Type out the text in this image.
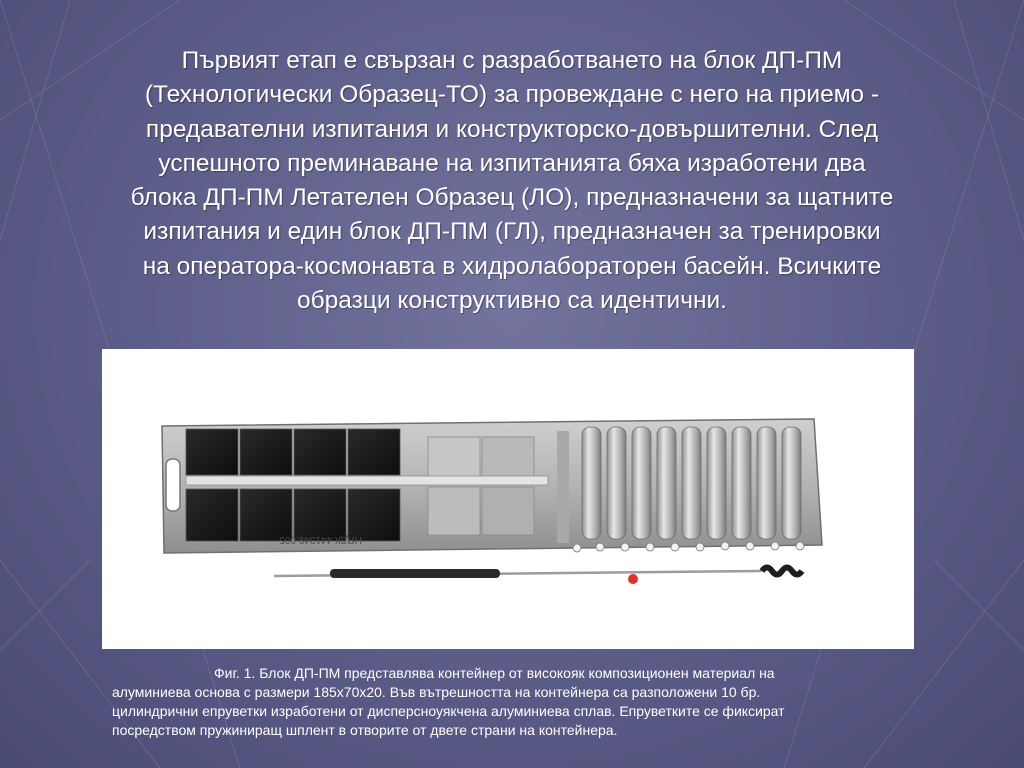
Първият етап е свързан с разработването на блок ДП-ПМ
(Технологически Образец-ТО) за провеждане с него на приемо -
предавателни изпитания и конструкторско-довършителни. След
успешното преминаване на изпитанията бяха изработени два
блока ДП-ПМ Летателен Образец (ЛО), предназначени за щатните
изпитания и един блок ДП-ПМ (ГЛ), предназначен за тренировки
на оператора-космонавта в хидролабораторен басейн. Всичките
образци конструктивно са идентични.
НЯДК 441349.005
Фиг. 1. Блок ДП-ПМ представлява контейнер от високояк композиционен материал на
алуминиева основа с размери 185x70x20. Във вътрешността на контейнера са разположени 10 бр.
цилиндрични епруветки изработени от дисперсноуякчена алуминиева сплав. Епруветките се фиксират
посредством пружиниращ шплент в отворите от двете страни на контейнера.
